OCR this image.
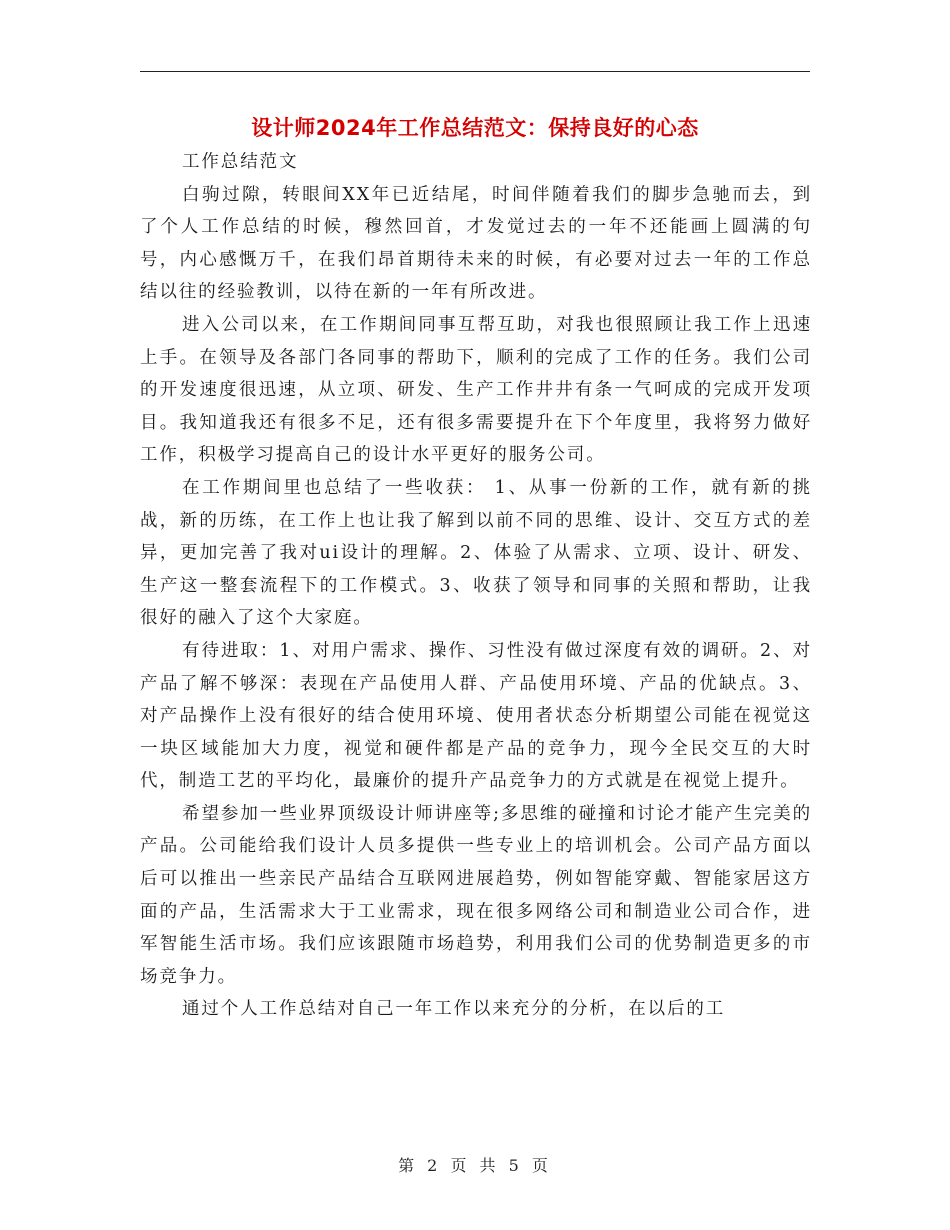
设计师2024年工作总结范文：保持良好的心态

工作总结范文

白驹过隙，转眼间XX年已近结尾，时间伴随着我们的脚步急驰而去，到了个人工作总结的时候，穆然回首，才发觉过去的一年不还能画上圆满的句号，内心感慨万千，在我们昂首期待未来的时候，有必要对过去一年的工作总结以往的经验教训，以待在新的一年有所改进。

进入公司以来，在工作期间同事互帮互助，对我也很照顾让我工作上迅速上手。在领导及各部门各同事的帮助下，顺利的完成了工作的任务。我们公司的开发速度很迅速，从立项、研发、生产工作井井有条一气呵成的完成开发项目。我知道我还有很多不足，还有很多需要提升在下个年度里，我将努力做好工作，积极学习提高自己的设计水平更好的服务公司。

在工作期间里也总结了一些收获： 1、从事一份新的工作，就有新的挑战，新的历练，在工作上也让我了解到以前不同的思维、设计、交互方式的差异，更加完善了我对ui设计的理解。2、体验了从需求、立项、设计、研发、生产这一整套流程下的工作模式。3、收获了领导和同事的关照和帮助，让我很好的融入了这个大家庭。

有待进取：1、对用户需求、操作、习性没有做过深度有效的调研。2、对产品了解不够深：表现在产品使用人群、产品使用环境、产品的优缺点。3、对产品操作上没有很好的结合使用环境、使用者状态分析期望公司能在视觉这一块区域能加大力度，视觉和硬件都是产品的竞争力，现今全民交互的大时代，制造工艺的平均化，最廉价的提升产品竞争力的方式就是在视觉上提升。

希望参加一些业界顶级设计师讲座等;多思维的碰撞和讨论才能产生完美的产品。公司能给我们设计人员多提供一些专业上的培训机会。公司产品方面以后可以推出一些亲民产品结合互联网进展趋势，例如智能穿戴、智能家居这方面的产品，生活需求大于工业需求，现在很多网络公司和制造业公司合作，进军智能生活市场。我们应该跟随市场趋势，利用我们公司的优势制造更多的市场竞争力。

通过个人工作总结对自己一年工作以来充分的分析，在以后的工

第 2 页 共 5 页
